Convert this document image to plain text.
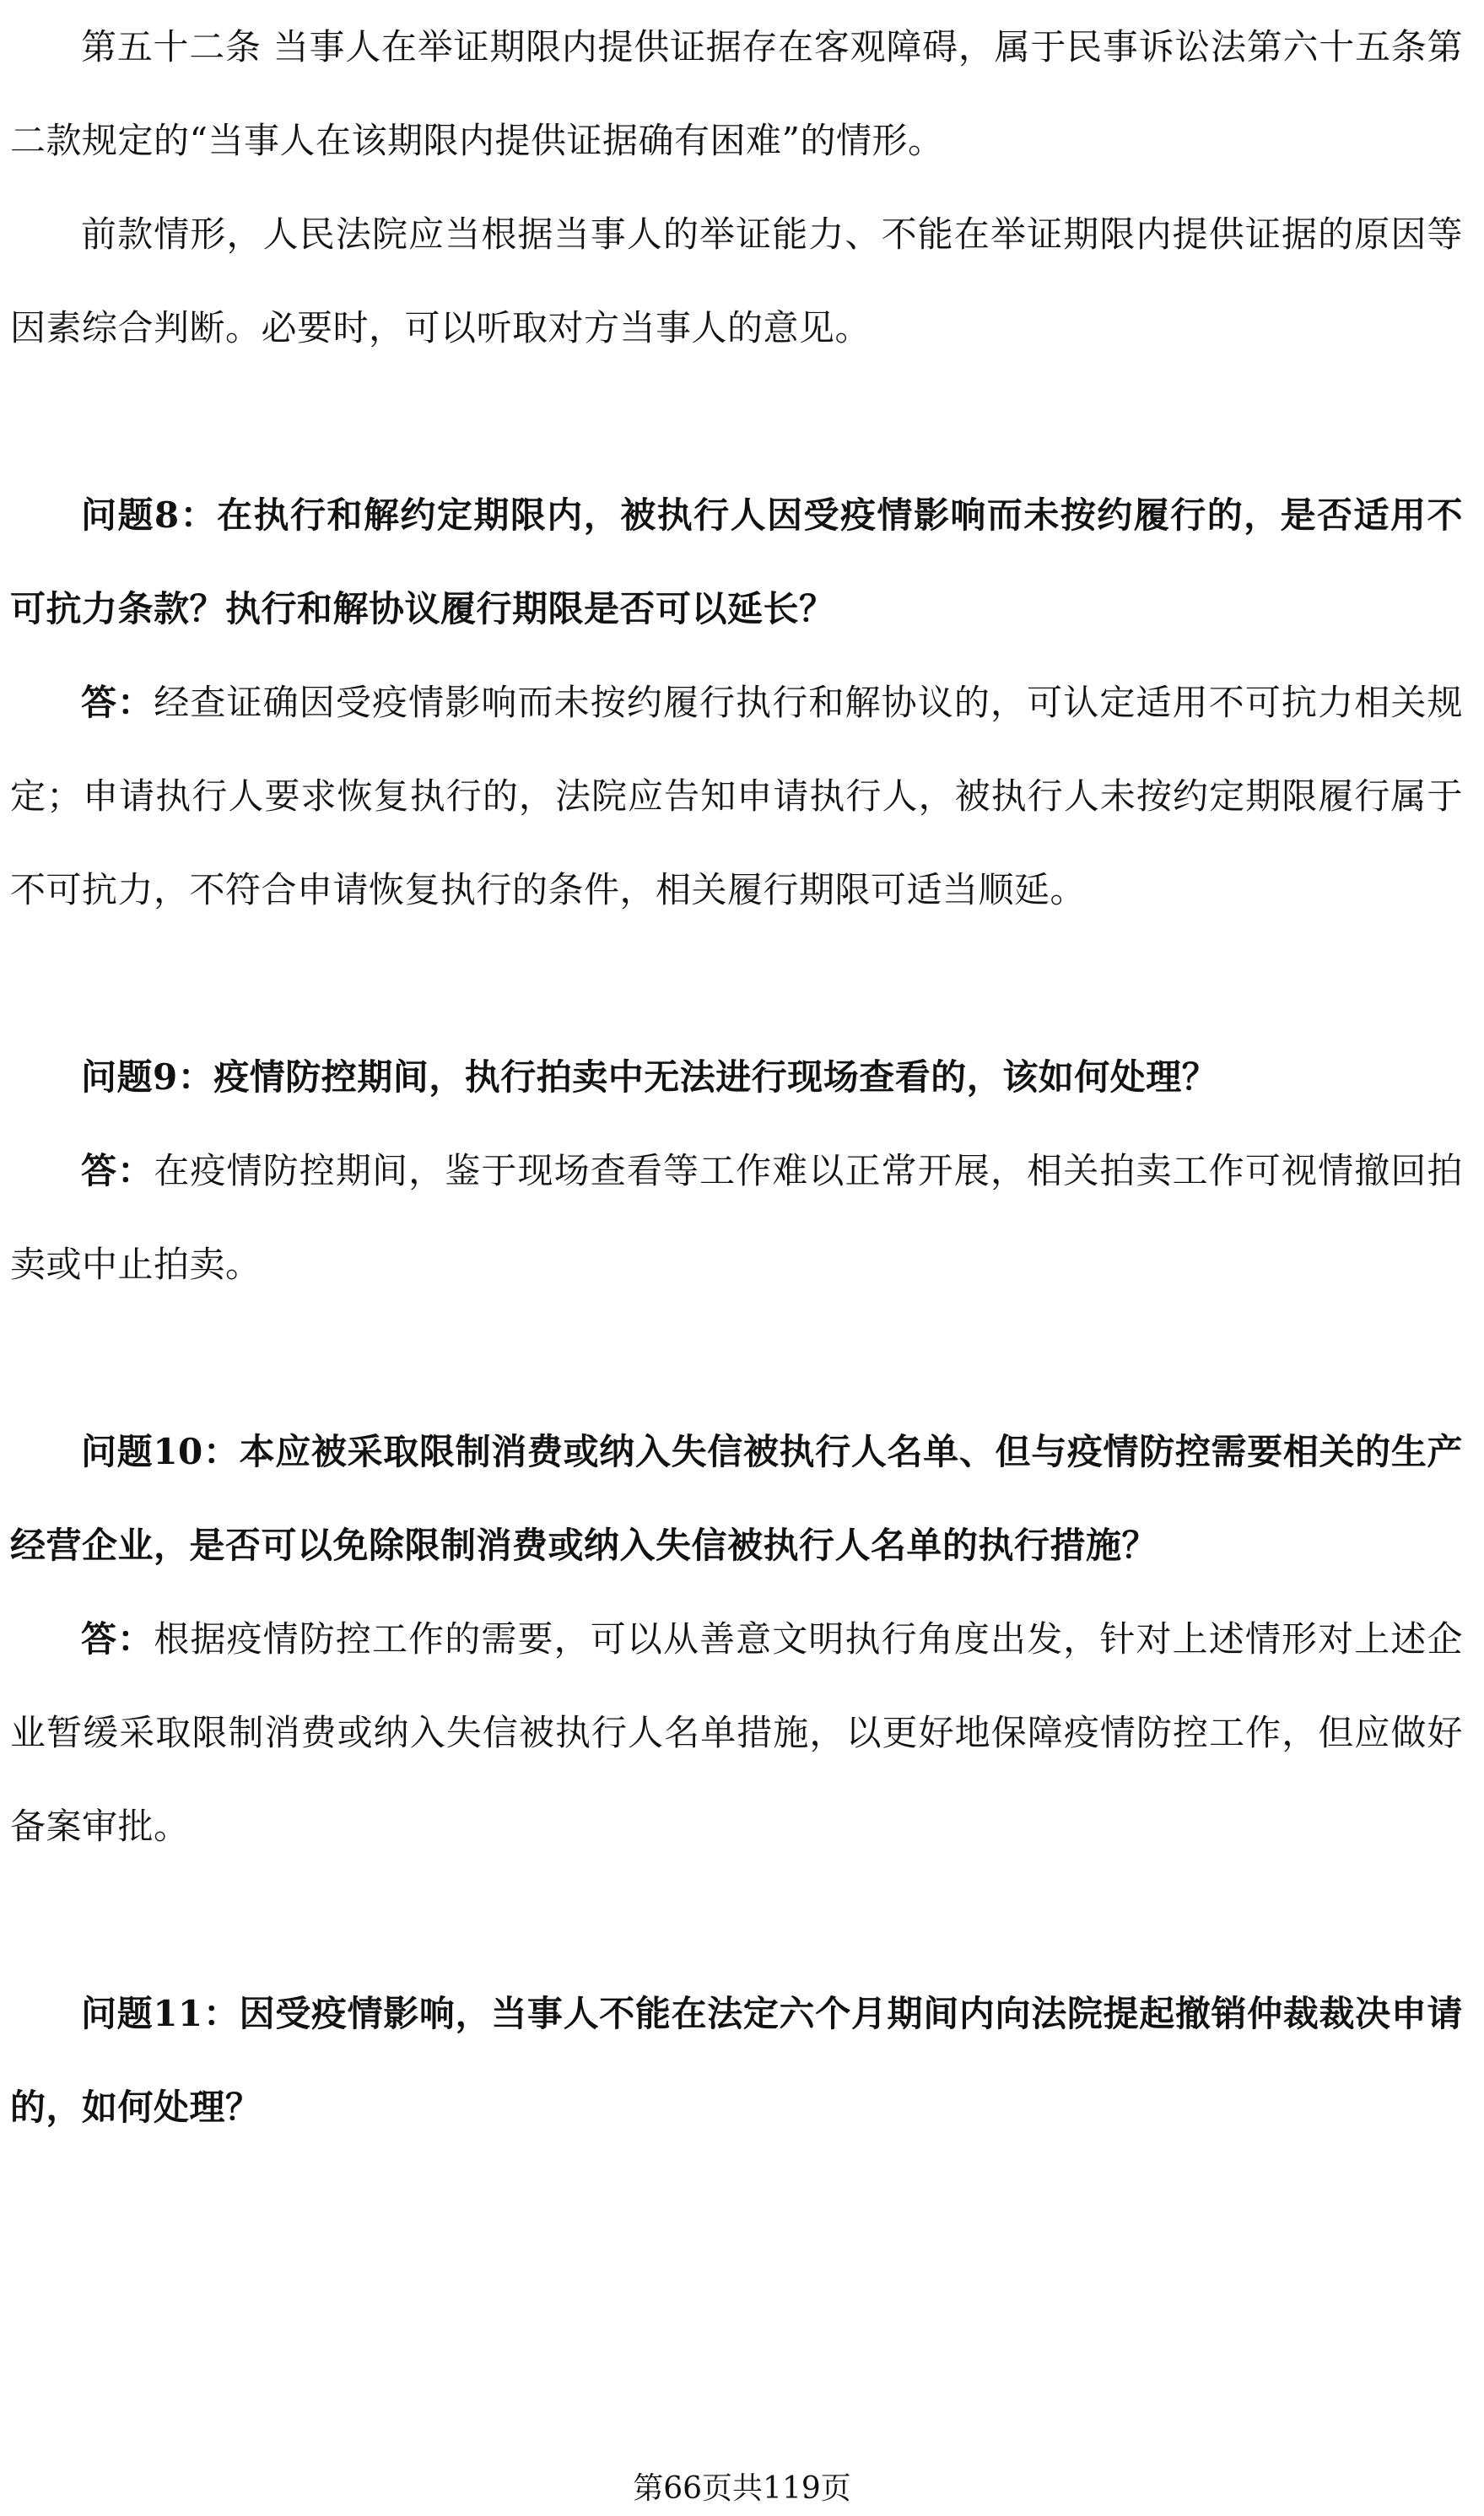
第五十二条 当事人在举证期限内提供证据存在客观障碍，属于民事诉讼法第六十五条第二款规定的“当事人在该期限内提供证据确有困难”的情形。

前款情形，人民法院应当根据当事人的举证能力、不能在举证期限内提供证据的原因等因素综合判断。必要时，可以听取对方当事人的意见。

问题8：在执行和解约定期限内，被执行人因受疫情影响而未按约履行的，是否适用不可抗力条款？执行和解协议履行期限是否可以延长？

答：经查证确因受疫情影响而未按约履行执行和解协议的，可认定适用不可抗力相关规定；申请执行人要求恢复执行的，法院应告知申请执行人，被执行人未按约定期限履行属于不可抗力，不符合申请恢复执行的条件，相关履行期限可适当顺延。

问题9：疫情防控期间，执行拍卖中无法进行现场查看的，该如何处理？

答：在疫情防控期间，鉴于现场查看等工作难以正常开展，相关拍卖工作可视情撤回拍卖或中止拍卖。

问题10：本应被采取限制消费或纳入失信被执行人名单、但与疫情防控需要相关的生产经营企业，是否可以免除限制消费或纳入失信被执行人名单的执行措施？

答：根据疫情防控工作的需要，可以从善意文明执行角度出发，针对上述情形对上述企业暂缓采取限制消费或纳入失信被执行人名单措施，以更好地保障疫情防控工作，但应做好备案审批。

问题11：因受疫情影响，当事人不能在法定六个月期间内向法院提起撤销仲裁裁决申请的，如何处理？

第66页共119页
